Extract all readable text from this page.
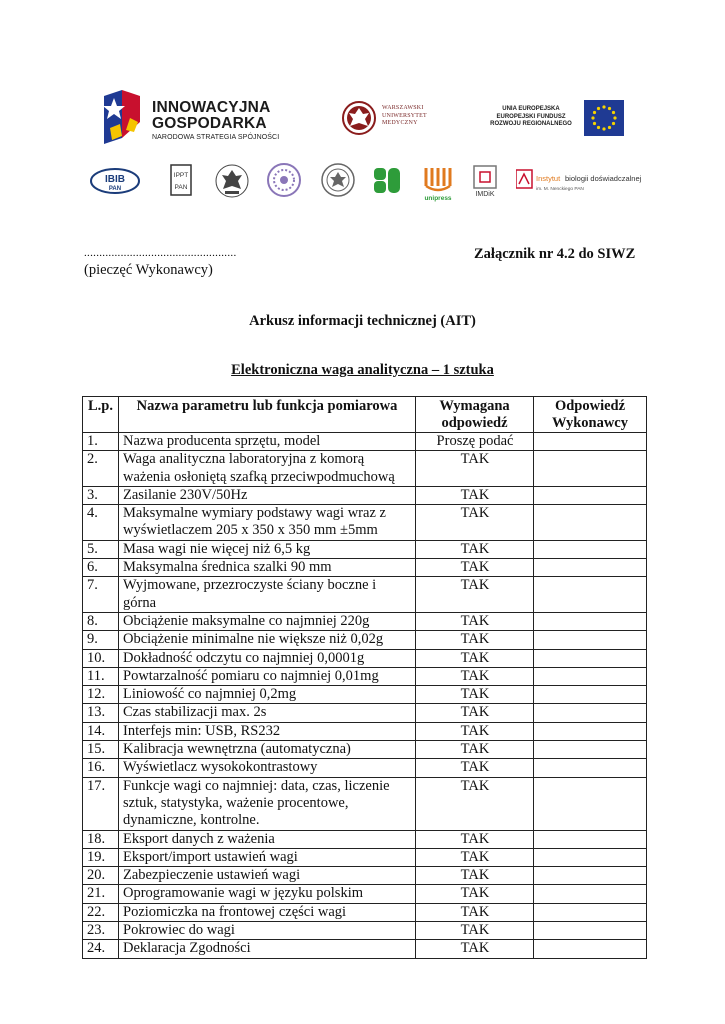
INNOWACYJNA
GOSPODARKA
NARODOWA STRATEGIA SPÓJNOŚCI
WARSZAWSKI
UNIWERSYTET
MEDYCZNY
UNIA EUROPEJSKA
EUROPEJSKI FUNDUSZ
ROZWOJU REGIONALNEGO
IBIB
PAN
IPPT
PAN
unipress
IMDiK
Instytut biologii doświadczalnej
im. M. Nenckiego PAN
..................................................
(pieczęć Wykonawcy)
Załącznik nr 4.2 do SIWZ
Arkusz informacji technicznej (AIT)
Elektroniczna waga analityczna – 1 sztuka
L.p.	Nazwa parametru lub funkcja pomiarowa	Wymagana odpowiedź	Odpowiedź Wykonawcy
1.	Nazwa producenta sprzętu, model	Proszę podać	
2.	Waga analityczna laboratoryjna z komorą ważenia osłoniętą szafką przeciwpodmuchową	TAK	
3.	Zasilanie 230V/50Hz	TAK	
4.	Maksymalne wymiary podstawy wagi wraz z wyświetlaczem 205 x 350 x 350 mm ±5mm	TAK	
5.	Masa wagi nie więcej niż 6,5 kg	TAK	
6.	Maksymalna średnica szalki 90 mm	TAK	
7.	Wyjmowane, przezroczyste ściany boczne i górna	TAK	
8.	Obciążenie maksymalne co najmniej 220g	TAK	
9.	Obciążenie minimalne nie większe niż 0,02g	TAK	
10.	Dokładność odczytu co najmniej 0,0001g	TAK	
11.	Powtarzalność pomiaru co najmniej 0,01mg	TAK	
12.	Liniowość co najmniej 0,2mg	TAK	
13.	Czas stabilizacji max. 2s	TAK	
14.	Interfejs min: USB, RS232	TAK	
15.	Kalibracja wewnętrzna (automatyczna)	TAK	
16.	Wyświetlacz wysokokontrastowy	TAK	
17.	Funkcje wagi co najmniej: data, czas, liczenie sztuk, statystyka, ważenie procentowe, dynamiczne, kontrolne.	TAK	
18.	Eksport danych z ważenia	TAK	
19.	Eksport/import ustawień wagi	TAK	
20.	Zabezpieczenie ustawień wagi	TAK	
21.	Oprogramowanie wagi w języku polskim	TAK	
22.	Poziomiczka na frontowej części wagi	TAK	
23.	Pokrowiec do wagi	TAK	
24.	Deklaracja Zgodności	TAK	
